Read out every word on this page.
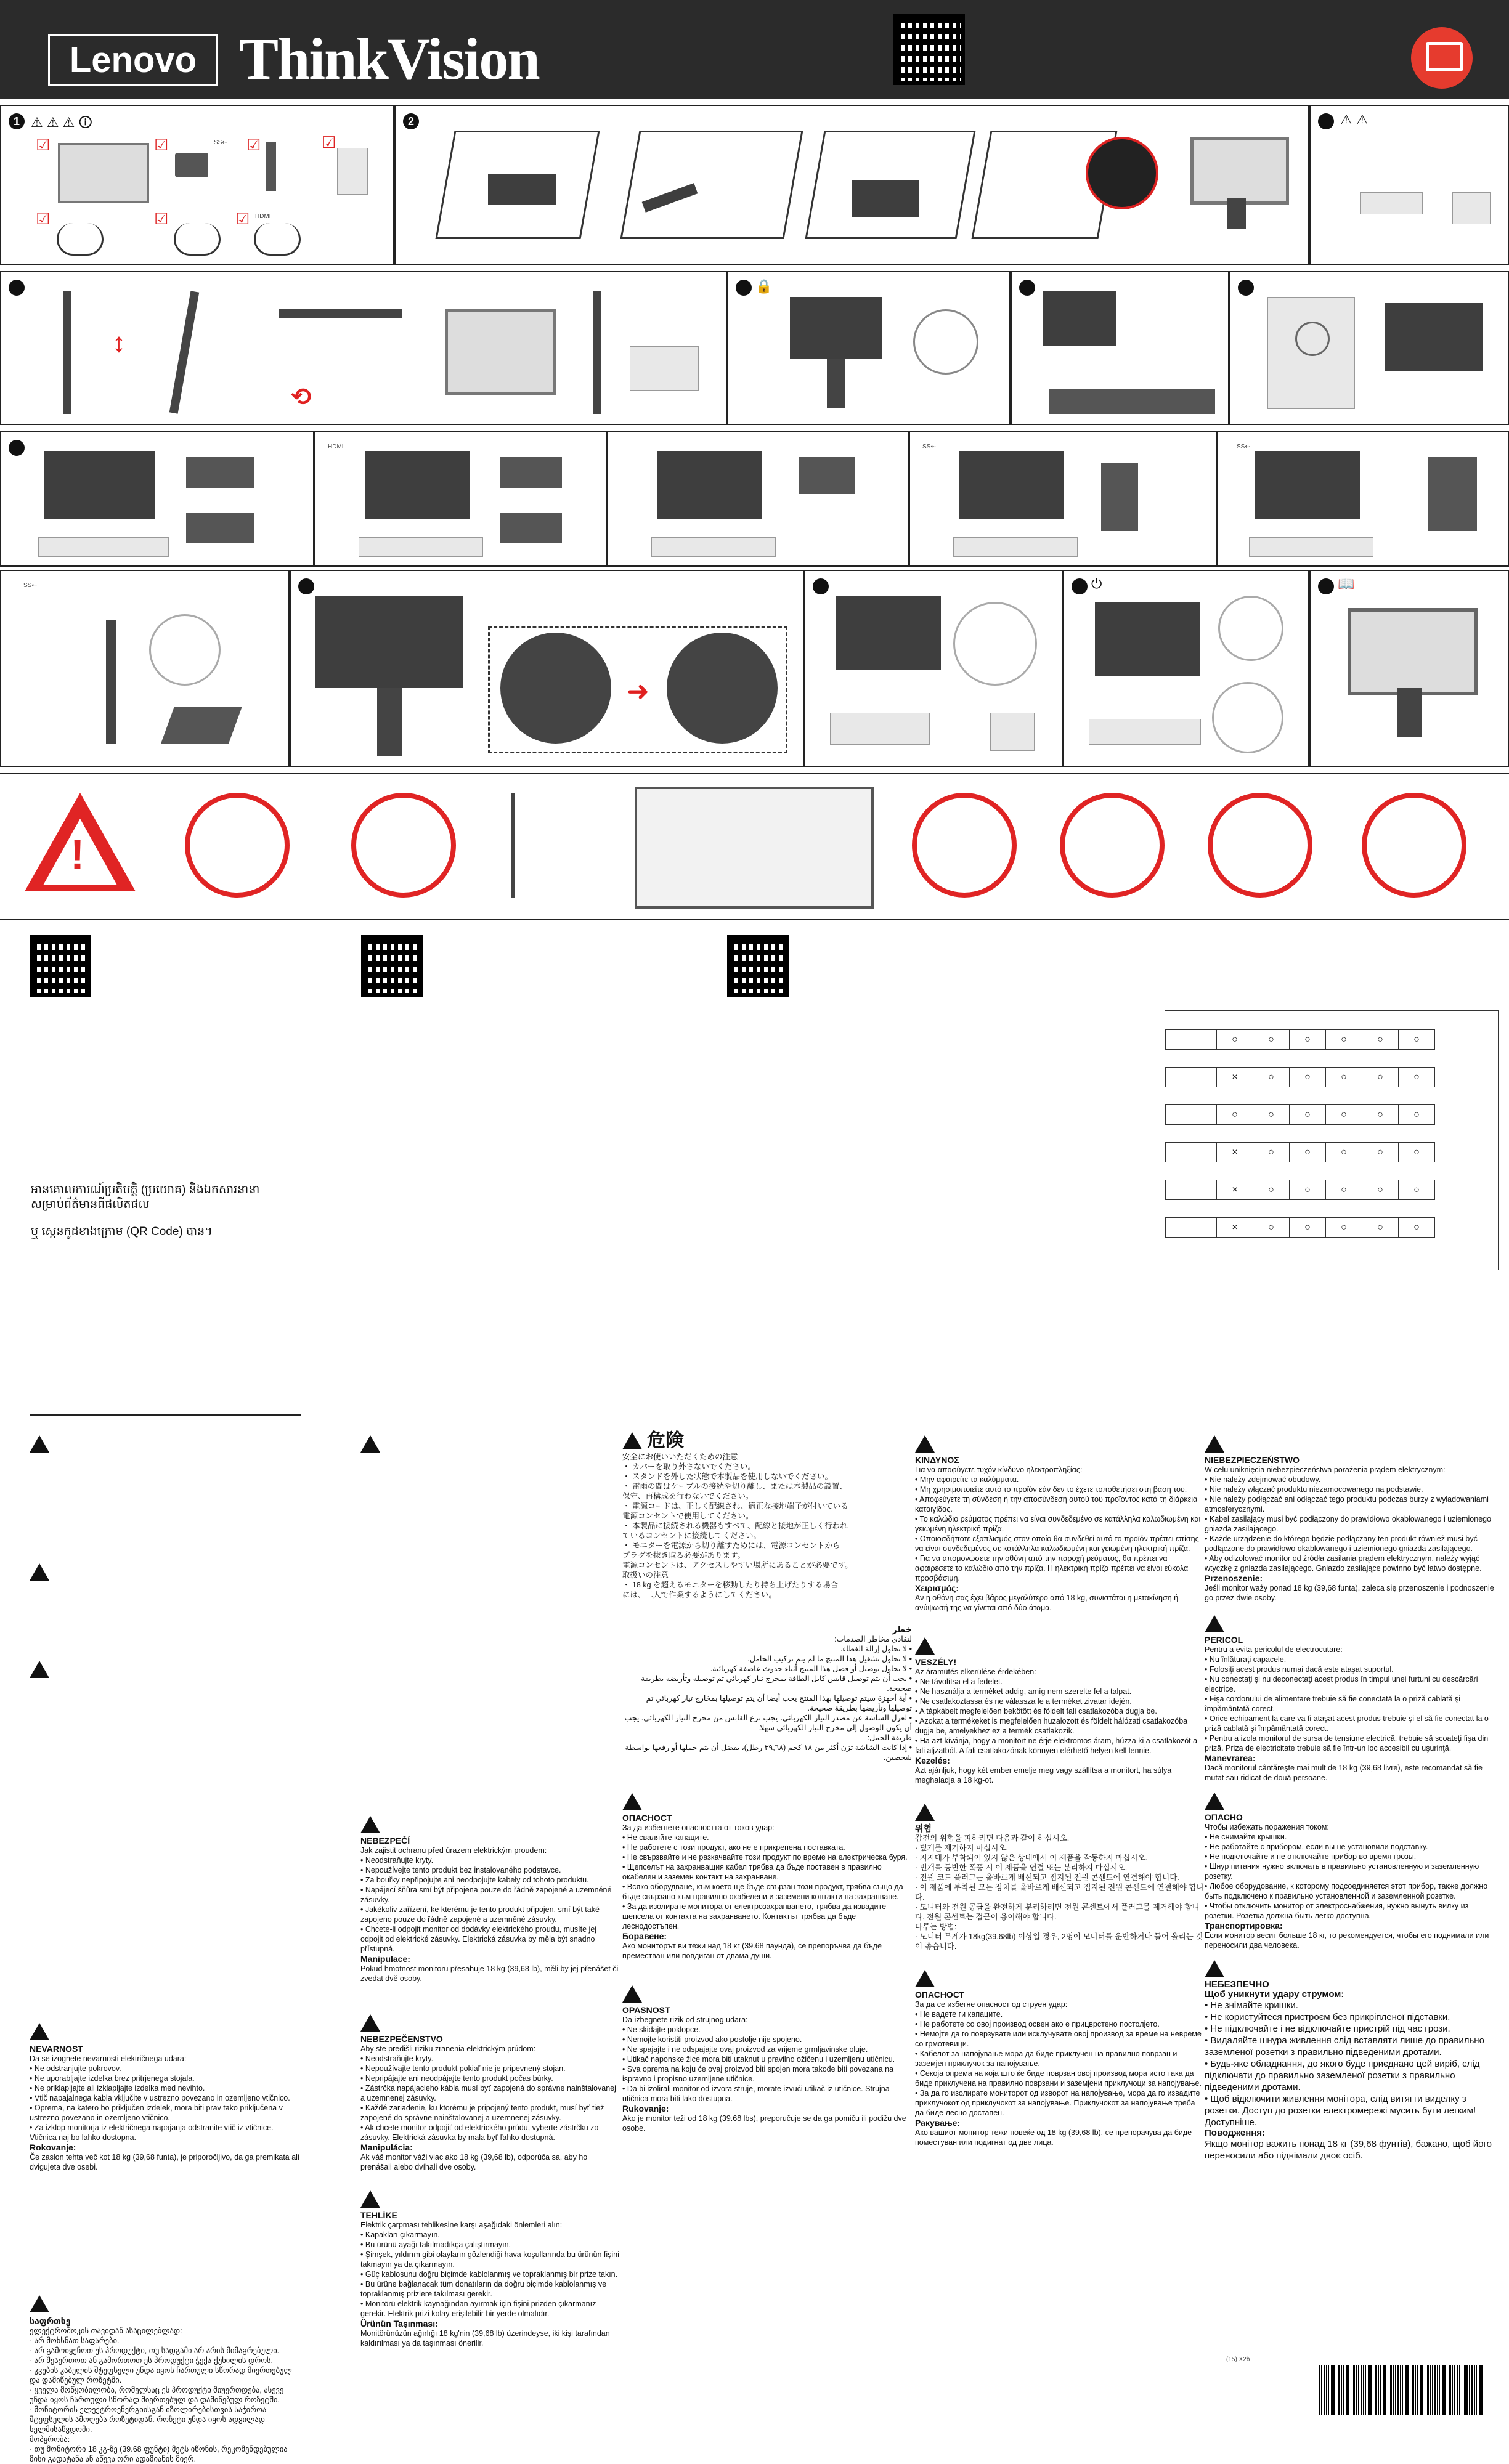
Lenovo ThinkVision
1 ⚠ ⚠ ⚠ 🛈
☑	☑	SS⇠ ☑	☑
☑	☑	☑ HDMI
2	⚠ ⚠
↕
⟲
🔒
HDMI	SS⇠	SS⇠
SS⇠
➜
⏻	📖
!

អានគោលការណ៍ប្រតិបត្តិ (ប្រយោគ) និងឯកសារនានា

សម្រាប់ព័ត៌មានពីផលិតផល

ឬ ស្កេនកូដខាងក្រោម (QR Code) បាន។

	○	○	○	○	○	○

	×	○	○	○	○	○

	○	○	○	○	○	○

	×	○	○	○	○	○

	×	○	○	○	○	○

	×	○	○	○	○	○

NEVARNOST

Da se izognete nevarnosti električnega udara:

• Ne odstranjujte pokrovov.

• Ne uporabljajte izdelka brez pritrjenega stojala.

• Ne priklapljajte ali izklapljajte izdelka med nevihto.

• Vtič napajalnega kabla vključite v ustrezno povezano in ozemljeno vtičnico.

• Oprema, na katero bo priključen izdelek, mora biti prav tako priključena v ustrezno povezano in ozemljeno vtičnico.

• Za izklop monitorja iz električnega napajanja odstranite vtič iz vtičnice. Vtičnica naj bo lahko dostopna.

Rokovanje:

Če zaslon tehta več kot 18 kg (39,68 funta), je priporočljivo, da ga premikata ali dvigujeta dve osebi.

საფრთხე

ელექტროშოკის თავიდან ასაცილებლად:

· არ მოხსნათ საფარები.

· არ გამოიყენოთ ეს პროდუქტი, თუ სადგამი არ არის მიმაგრებული.

· არ შეაერთოთ ან გამორთოთ ეს პროდუქტი ჭექა-ქუხილის დროს.

· კვების კაბელის შტეფსელი უნდა იყოს ჩართული სწორად მიერთებულ და დამიწებულ როზეტში.

· ყველა მოწყობილობა, რომელსაც ეს პროდუქტი მიუერთდება, ასევე უნდა იყოს ჩართული სწორად მიერთებულ და დამიწებულ როზეტში.

· მონიტორის ელექტროენერგიისგან იზოლირებისთვის საჭიროა შტეფსელის ამოღება როზეტიდან. როზეტი უნდა იყოს ადვილად ხელმისაწვდომი.

მოპყრობა:

· თუ მონიტორი 18 კგ-ზე (39.68 ფუნტი) მეტს იწონის, რეკომენდებულია მისი გადატანა ან აწევა ორი ადამიანის მიერ.

NEBEZPEČÍ

Jak zajistit ochranu před úrazem elektrickým proudem:

• Neodstraňujte kryty.

• Nepoužívejte tento produkt bez instalovaného podstavce.

• Za bouřky nepřipojujte ani neodpojujte kabely od tohoto produktu.

• Napájecí šňůra smí být připojena pouze do řádně zapojené a uzemněné zásuvky.

• Jakékoliv zařízení, ke kterému je tento produkt připojen, smí být také zapojeno pouze do řádně zapojené a uzemněné zásuvky.

• Chcete-li odpojit monitor od dodávky elektrického proudu, musíte jej odpojit od elektrické zásuvky. Elektrická zásuvka by měla být snadno přístupná.

Manipulace:

Pokud hmotnost monitoru přesahuje 18 kg (39,68 lb), měli by jej přenášet či zvedat dvě osoby.

NEBEZPEČENSTVO

Aby ste predišli riziku zranenia elektrickým prúdom:

• Neodstraňujte kryty.

• Nepoužívajte tento produkt pokiaľ nie je pripevnený stojan.

• Nepripájajte ani neodpájajte tento produkt počas búrky.

• Zástrčka napájacieho kábla musí byť zapojená do správne nainštalovanej a uzemnenej zásuvky.

• Každé zariadenie, ku ktorému je pripojený tento produkt, musí byť tiež zapojené do správne nainštalovanej a uzemnenej zásuvky.

• Ak chcete monitor odpojiť od elektrického prúdu, vyberte zástrčku zo zásuvky. Elektrická zásuvka by mala byť ľahko dostupná.

Manipulácia:

Ak váš monitor váži viac ako 18 kg (39,68 lb), odporúča sa, aby ho prenášali alebo dvíhali dve osoby.

TEHLİKE

Elektrik çarpması tehlikesine karşı aşağıdaki önlemleri alın:

• Kapakları çıkarmayın.

• Bu ürünü ayağı takılmadıkça çalıştırmayın.

• Şimşek, yıldırım gibi olayların gözlendiği hava koşullarında bu ürünün fişini takmayın ya da çıkarmayın.

• Güç kablosunu doğru biçimde kablolanmış ve topraklanmış bir prize takın.

• Bu ürüne bağlanacak tüm donatıların da doğru biçimde kablolanmış ve topraklanmış prizlere takılması gerekir.

• Monitörü elektrik kaynağından ayırmak için fişini prizden çıkarmanız gerekir. Elektrik prizi kolay erişilebilir bir yerde olmalıdır.

Ürünün Taşınması:

Monitörünüzün ağırlığı 18 kg'nin (39,68 lb) üzerindeyse, iki kişi tarafından kaldırılması ya da taşınması önerilir.

危険

安全にお使いいただくための注意

・ カバーを取り外さないでください。

・ スタンドを外した状態で本製品を使用しないでください。

・ 雷雨の間はケーブルの接続や切り離し、または本製品の設置、

保守、再構成を行わないでください。

・ 電源コードは、正しく配線され、適正な接地端子が付いている

電源コンセントで使用してください。

・ 本製品に接続される機器もすべて、配線と接地が正しく行われ

ているコンセントに接続してください。

・ モニターを電源から切り離すためには、電源コンセントから

プラグを抜き取る必要があります。

電源コンセントは、アクセスしやすい場所にあることが必要です。

取扱いの注意

・ 18 kg を超えるモニターを移動したり持ち上げたりする場合

には、二人で作業するようにしてください。

خطر

لتفادي مخاطر الصدمات:

• لا تحاول إزالة الغطاء.

• لا تحاول تشغيل هذا المنتج ما لم يتم تركيب الحامل.

• لا تحاول توصيل أو فصل هذا المنتج أثناء حدوث عاصفة كهربائية.

• يجب أن يتم توصيل قابس كابل الطاقة بمخرج تيار كهربائي تم توصيله وتأريضه بطريقة صحيحة.

• أية أجهزة سيتم توصيلها بهذا المنتج يجب أيضا أن يتم توصيلها بمخارج تيار كهربائي تم توصيلها وتأريضها بطريقة صحيحة.

• لعزل الشاشة عن مصدر التيار الكهربائي، يجب نزع القابس من مخرج التيار الكهربائي. يجب أن يكون الوصول إلى مخرج التيار الكهربائي سهلا.

طريقة الحمل:

• إذا كانت الشاشة تزن أكثر من ١٨ كجم (٣٩,٦٨ رطل)، يفضل أن يتم حملها أو رفعها بواسطة شخصين.

ОПАСНОСТ

За да избегнете опасността от токов удар:

• Не сваляйте капаците.

• Не работете с този продукт, ако не е прикрепена поставката.

• Не свързвайте и не разкачвайте този продукт по време на електрическа буря.

• Щепселът на захранващия кабел трябва да бъде поставен в правилно окабелен и заземен контакт на захранване.

• Всяко оборудване, към което ще бъде свързан този продукт, трябва също да бъде свързано към правилно окабелени и заземени контакти на захранване.

• За да изолирате монитора от електрозахранването, трябва да извадите щепсела от контакта на захранването. Контактът трябва да бъде леснодостъпен.

Боравене:

Ако мониторът ви тежи над 18 кг (39.68 паунда), се препоръчва да бъде преместван или повдиган от двама души.

OPASNOST

Da izbegnete rizik od strujnog udara:

• Ne skidajte poklopce.

• Nemojte koristiti proizvod ako postolje nije spojeno.

• Ne spajajte i ne odspajajte ovaj proizvod za vrijeme grmljavinske oluje.

• Utikač naponske žice mora biti utaknut u pravilno ožičenu i uzemljenu utičnicu.

• Sva oprema na koju će ovaj proizvod biti spojen mora takođe biti povezana na ispravno i propisno uzemljene utičnice.

• Da bi izolirali monitor od izvora struje, morate izvući utikač iz utičnice. Strujna utičnica mora biti lako dostupna.

Rukovanje:

Ako je monitor teži od 18 kg (39.68 lbs), preporučuje se da ga pomiču ili podižu dve osobe.

ΚΙΝΔΥΝΟΣ

Για να αποφύγετε τυχόν κίνδυνο ηλεκτροπληξίας:

• Μην αφαιρείτε τα καλύμματα.

• Μη χρησιμοποιείτε αυτό το προϊόν εάν δεν το έχετε τοποθετήσει στη βάση του.

• Αποφεύγετε τη σύνδεση ή την αποσύνδεση αυτού του προϊόντος κατά τη διάρκεια καταιγίδας.

• Το καλώδιο ρεύματος πρέπει να είναι συνδεδεμένο σε κατάλληλα καλωδιωμένη και γειωμένη ηλεκτρική πρίζα.

• Οποιοσδήποτε εξοπλισμός στον οποίο θα συνδεθεί αυτό το προϊόν πρέπει επίσης να είναι συνδεδεμένος σε κατάλληλα καλωδιωμένη και γειωμένη ηλεκτρική πρίζα.

• Για να απομονώσετε την οθόνη από την παροχή ρεύματος, θα πρέπει να αφαιρέσετε το καλώδιο από την πρίζα. Η ηλεκτρική πρίζα πρέπει να είναι εύκολα προσβάσιμη.

Χειρισμός:

Αν η οθόνη σας έχει βάρος μεγαλύτερο από 18 kg, συνιστάται η μετακίνηση ή ανύψωσή της να γίνεται από δύο άτομα.

VESZÉLY!

Az áramütés elkerülése érdekében:

• Ne távolítsa el a fedelet.

• Ne használja a terméket addig, amíg nem szerelte fel a talpat.

• Ne csatlakoztassa és ne válassza le a terméket zivatar idején.

• A tápkábelt megfelelően bekötött és földelt fali csatlakozóba dugja be.

• Azokat a termékeket is megfelelően huzalozott és földelt hálózati csatlakozóba dugja be, amelyekhez ez a termék csatlakozik.

• Ha azt kívánja, hogy a monitort ne érje elektromos áram, húzza ki a csatlakozót a fali aljzatból. A fali csatlakozónak könnyen elérhető helyen kell lennie.

Kezelés:

Azt ajánljuk, hogy két ember emelje meg vagy szállítsa a monitort, ha súlya meghaladja a 18 kg-ot.

위험

감전의 위험을 피하려면 다음과 같이 하십시오.

· 덮개를 제거하지 마십시오.

· 지지대가 부착되어 있지 않은 상태에서 이 제품을 작동하지 마십시오.

· 번개를 동반한 폭풍 시 이 제품을 연결 또는 분리하지 마십시오.

· 전원 코드 플러그는 올바르게 배선되고 접지된 전원 콘센트에 연결해야 합니다.

· 이 제품에 부착된 모든 장치를 올바르게 배선되고 접지된 전원 콘센트에 연결해야 합니다.

· 모니터와 전원 공급을 완전하게 분리하려면 전원 콘센트에서 플러그를 제거해야 합니다. 전원 콘센트는 접근이 용이해야 합니다.

다루는 방법:

· 모니터 무게가 18kg(39.68lb) 이상일 경우, 2명이 모니터를 운반하거나 들어 올리는 것이 좋습니다.

ОПАСНОСТ

За да се избегне опасност од струен удар:

• Не вадете ги капаците.

• Не работете со овој производ освен ако е прицврстено постолјето.

• Немојте да го поврзувате или исклучувате овој производ за време на невреме со грмотевици.

• Кабелот за напојување мора да биде приклучен на правилно поврзан и заземјен приклучок за напојување.

• Секоја опрема на која што ќе биде поврзан овој производ мора исто така да биде приклучена на правилно поврзани и заземјени приклучоци за напојување.

• За да го изолирате мониторот од изворот на напојување, мора да го извадите приклучокот од приклучокот за напојување. Приклучокот за напојување треба да биде лесно достапен.

Ракување:

Ако вашиот монитор тежи повеќе од 18 kg (39,68 lb), се препорачува да биде поместуван или подигнат од две лица.

NIEBEZPIECZEŃSTWO

W celu uniknięcia niebezpieczeństwa porażenia prądem elektrycznym:

• Nie należy zdejmować obudowy.

• Nie należy włączać produktu niezamocowanego na podstawie.

• Nie należy podłączać ani odłączać tego produktu podczas burzy z wyładowaniami atmosferycznymi.

• Kabel zasilający musi być podłączony do prawidłowo okablowanego i uziemionego gniazda zasilającego.

• Każde urządzenie do którego będzie podłączany ten produkt również musi być podłączone do prawidłowo okablowanego i uziemionego gniazda zasilającego.

• Aby odizolować monitor od źródła zasilania prądem elektrycznym, należy wyjąć wtyczkę z gniazda zasilającego. Gniazdo zasilające powinno być łatwo dostępne.

Przenoszenie:

Jeśli monitor waży ponad 18 kg (39,68 funta), zaleca się przenoszenie i podnoszenie go przez dwie osoby.

PERICOL

Pentru a evita pericolul de electrocutare:

• Nu înlăturaţi capacele.

• Folosiţi acest produs numai dacă este ataşat suportul.

• Nu conectaţi şi nu deconectaţi acest produs în timpul unei furtuni cu descărcări electrice.

• Fişa cordonului de alimentare trebuie să fie conectată la o priză cablată şi împământată corect.

• Orice echipament la care va fi ataşat acest produs trebuie şi el să fie conectat la o priză cablată şi împământată corect.

• Pentru a izola monitorul de sursa de tensiune electrică, trebuie să scoateţi fişa din priză. Priza de electricitate trebuie să fie într-un loc accesibil cu uşurinţă.

Manevrarea:

Dacă monitorul cântăreşte mai mult de 18 kg (39,68 livre), este recomandat să fie mutat sau ridicat de două persoane.

ОПАСНО

Чтобы избежать поражения током:

• Не снимайте крышки.

• Не работайте с прибором, если вы не установили подставку.

• Не подключайте и не отключайте прибор во время грозы.

• Шнур питания нужно включать в правильно установленную и заземленную розетку.

• Любое оборудование, к которому подсоединяется этот прибор, также должно быть подключено к правильно установленной и заземленной розетке.

• Чтобы отключить монитор от электроснабжения, нужно вынуть вилку из розетки. Розетка должна быть легко доступна.

Транспортировка:

Если монитор весит больше 18 кг, то рекомендуется, чтобы его поднимали или переносили два человека.

НЕБЕЗПЕЧНО

Щоб уникнути удару струмом:

• Не знімайте кришки.

• Не користуйтеся пристроєм без прикріпленої підставки.

• Не підключайте і не відключайте пристрій під час грози.

• Видаляйте шнура живлення слід вставляти лише до правильно заземленої розетки з правильно підведеними дротами.

• Будь-яке обладнання, до якого буде приєднано цей виріб, слід підключати до правильно заземленої розетки з правильно підведеними дротами.

• Щоб відключити живлення монітора, слід витягти виделку з розетки. Доступ до розетки електромережі мусить бути легким! Доступнішe.

Поводження:

Якщо монітор важить понад 18 кг (39,68 фунтів), бажано, щоб його переносили або піднімали двоє осіб.

(15) X2b
